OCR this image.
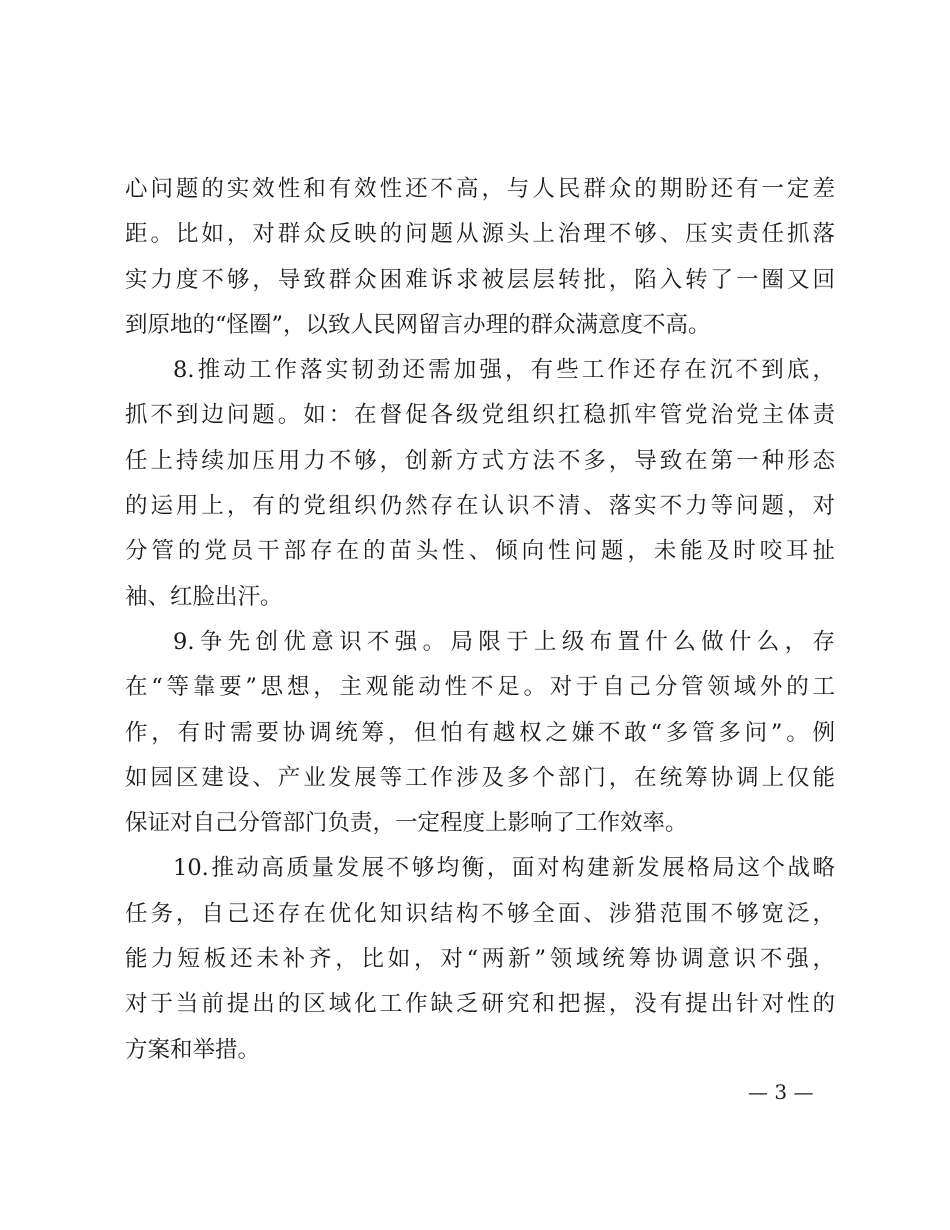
心问题的实效性和有效性还不高，与人民群众的期盼还有一定差
距。比如，对群众反映的问题从源头上治理不够、压实责任抓落
实力度不够，导致群众困难诉求被层层转批，陷入转了一圈又回
到原地的“怪圈”，以致人民网留言办理的群众满意度不高。
8.推动工作落实韧劲还需加强，有些工作还存在沉不到底，
抓不到边问题。如：在督促各级党组织扛稳抓牢管党治党主体责
任上持续加压用力不够，创新方式方法不多，导致在第一种形态
的运用上，有的党组织仍然存在认识不清、落实不力等问题，对
分管的党员干部存在的苗头性、倾向性问题，未能及时咬耳扯
袖、红脸出汗。
9.争先创优意识不强。局限于上级布置什么做什么，存
在“等靠要”思想，主观能动性不足。对于自己分管领域外的工
作，有时需要协调统筹，但怕有越权之嫌不敢“多管多问”。例
如园区建设、产业发展等工作涉及多个部门，在统筹协调上仅能
保证对自己分管部门负责，一定程度上影响了工作效率。
10.推动高质量发展不够均衡，面对构建新发展格局这个战略
任务，自己还存在优化知识结构不够全面、涉猎范围不够宽泛，
能力短板还未补齐，比如，对“两新”领域统筹协调意识不强，
对于当前提出的区域化工作缺乏研究和把握，没有提出针对性的
方案和举措。
— 3 —
